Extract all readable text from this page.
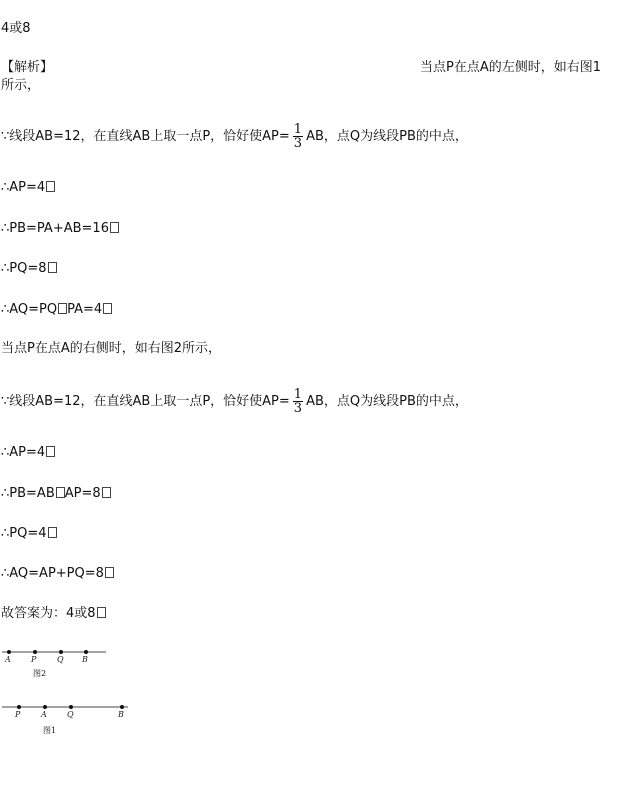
4或8
【解析】	当点P在点A的左侧时，如右图1
所示，
∵线段AB=12，在直线AB上取一点P，恰好使$AP= \frac{1}{3}$ AB，点Q为线段PB的中点，
∴AP=4
∴PB=PA+AB=16
∴PQ=8
∴AQ=PQ PA=4
当点P在点A的右侧时，如右图2所示，
∵线段AB=12，在直线AB上取一点P，恰好使$AP= \frac{1}{3}$ AB，点Q为线段PB的中点，
∴AP=4
∴PB=AB AP=8
∴PQ=4
∴AQ=AP+PQ=8
故答案为：4或8
A	P	Q B
图2
P	A	Q	B
图1
